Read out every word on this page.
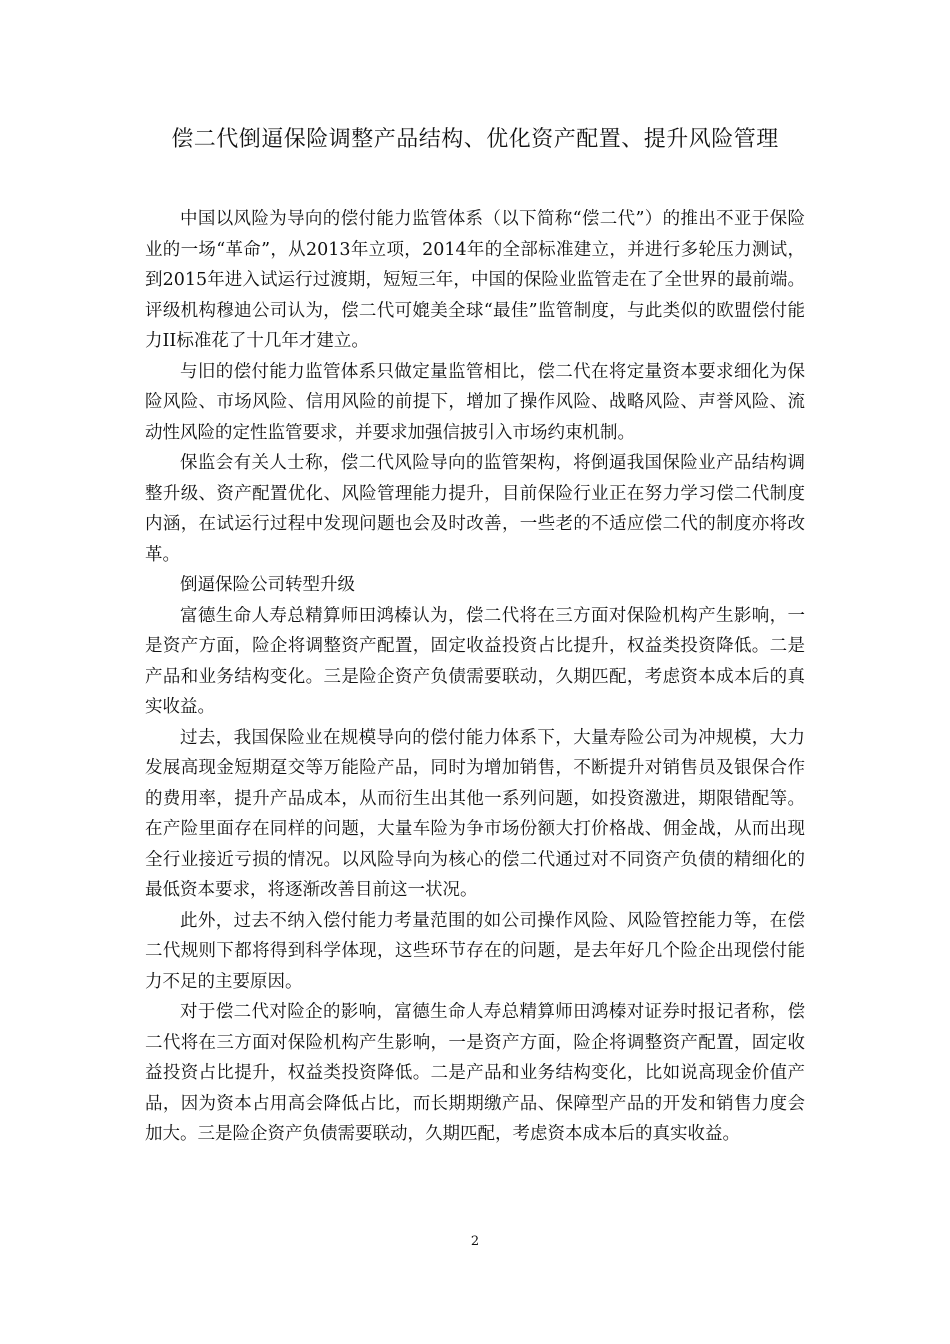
偿二代倒逼保险调整产品结构、优化资产配置、提升风险管理

中国以风险为导向的偿付能力监管体系（以下简称“偿二代”）的推出不亚于保险业的一场“革命”，从2013年立项，2014年的全部标准建立，并进行多轮压力测试，到2015年进入试运行过渡期，短短三年，中国的保险业监管走在了全世界的最前端。评级机构穆迪公司认为，偿二代可媲美全球“最佳”监管制度，与此类似的欧盟偿付能力II标准花了十几年才建立。

与旧的偿付能力监管体系只做定量监管相比，偿二代在将定量资本要求细化为保险风险、市场风险、信用风险的前提下，增加了操作风险、战略风险、声誉风险、流动性风险的定性监管要求，并要求加强信披引入市场约束机制。

保监会有关人士称，偿二代风险导向的监管架构，将倒逼我国保险业产品结构调整升级、资产配置优化、风险管理能力提升，目前保险行业正在努力学习偿二代制度内涵，在试运行过程中发现问题也会及时改善，一些老的不适应偿二代的制度亦将改革。

倒逼保险公司转型升级

富德生命人寿总精算师田鸿榛认为，偿二代将在三方面对保险机构产生影响，一是资产方面，险企将调整资产配置，固定收益投资占比提升，权益类投资降低。二是产品和业务结构变化。三是险企资产负债需要联动，久期匹配，考虑资本成本后的真实收益。

过去，我国保险业在规模导向的偿付能力体系下，大量寿险公司为冲规模，大力发展高现金短期趸交等万能险产品，同时为增加销售，不断提升对销售员及银保合作的费用率，提升产品成本，从而衍生出其他一系列问题，如投资激进，期限错配等。在产险里面存在同样的问题，大量车险为争市场份额大打价格战、佣金战，从而出现全行业接近亏损的情况。以风险导向为核心的偿二代通过对不同资产负债的精细化的最低资本要求，将逐渐改善目前这一状况。

此外，过去不纳入偿付能力考量范围的如公司操作风险、风险管控能力等，在偿二代规则下都将得到科学体现，这些环节存在的问题，是去年好几个险企出现偿付能力不足的主要原因。

对于偿二代对险企的影响，富德生命人寿总精算师田鸿榛对证券时报记者称，偿二代将在三方面对保险机构产生影响，一是资产方面，险企将调整资产配置，固定收益投资占比提升，权益类投资降低。二是产品和业务结构变化，比如说高现金价值产品，因为资本占用高会降低占比，而长期期缴产品、保障型产品的开发和销售力度会加大。三是险企资产负债需要联动，久期匹配，考虑资本成本后的真实收益。

2
